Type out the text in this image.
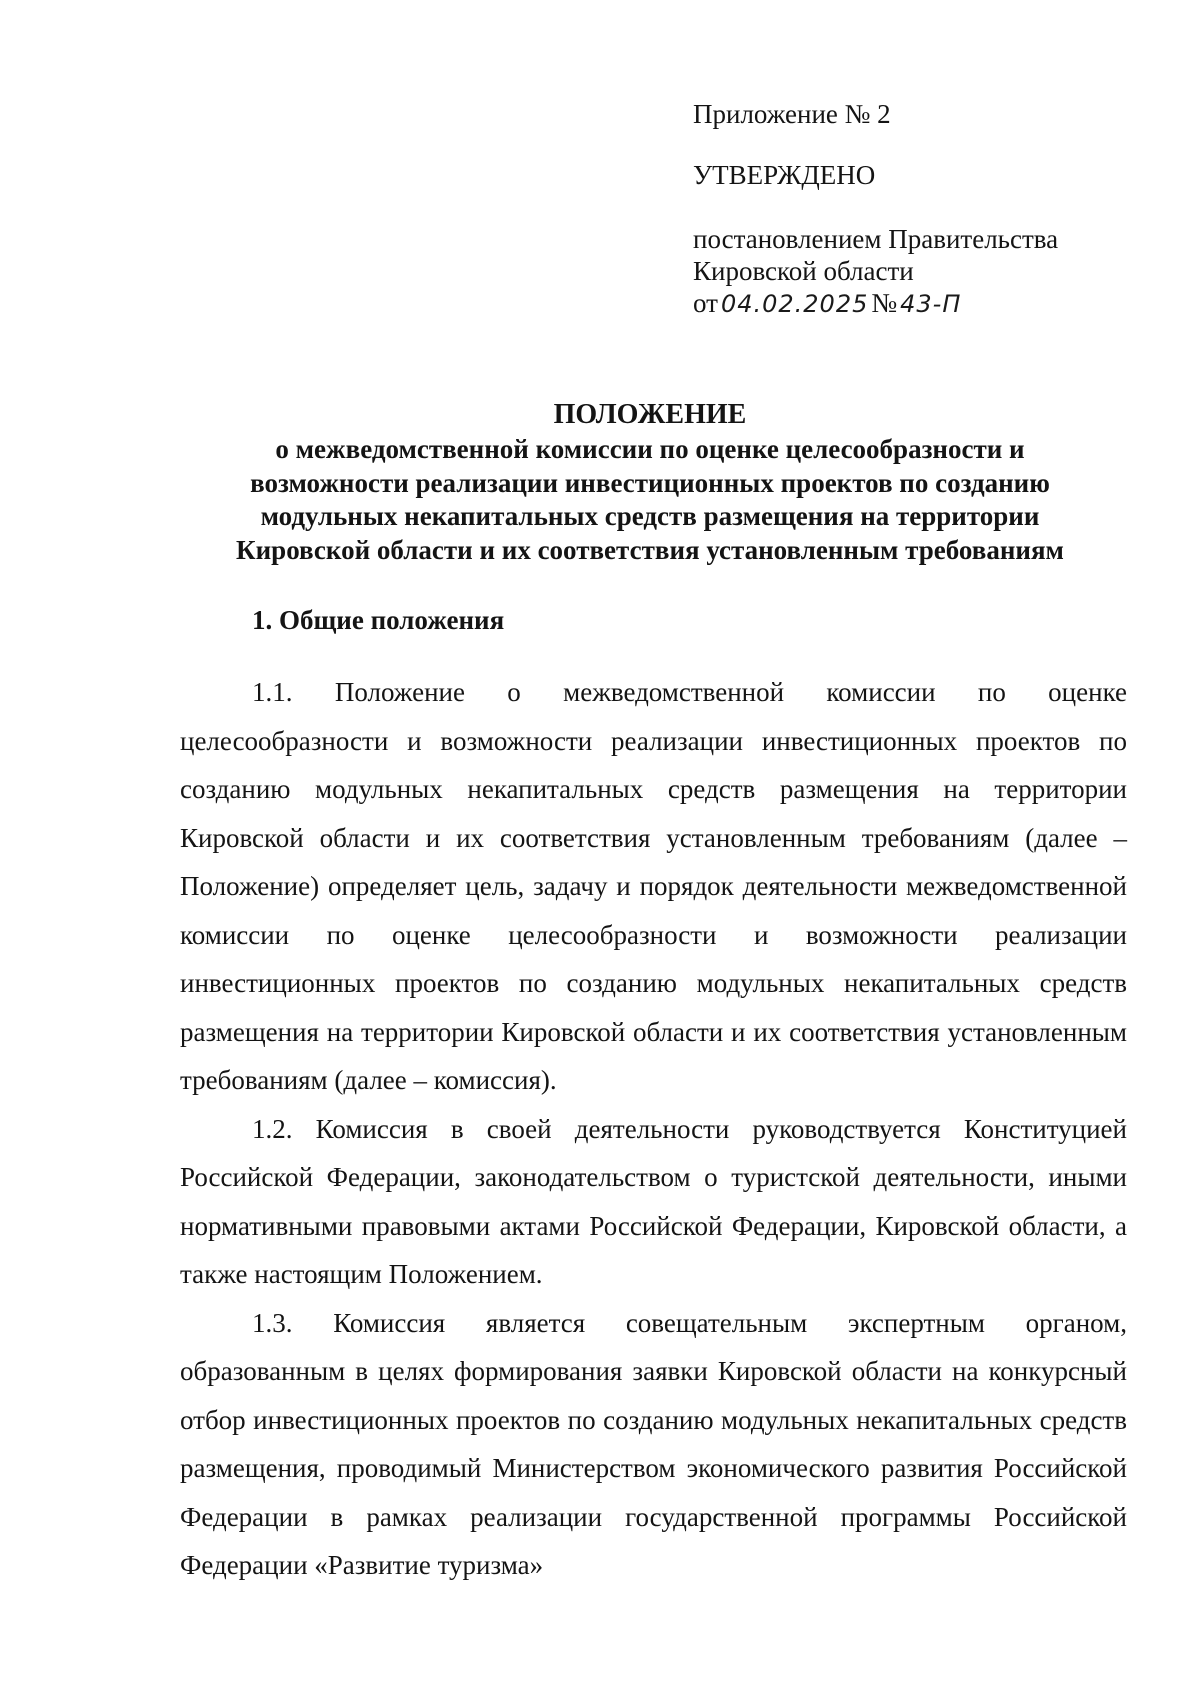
Приложение № 2
УТВЕРЖДЕНО
постановлением Правительства
Кировской области
от 04.02.2025 № 43-П
ПОЛОЖЕНИЕ
о межведомственной комиссии по оценке целесообразности и
возможности реализации инвестиционных проектов по созданию
модульных некапитальных средств размещения на территории
Кировской области и их соответствия установленным требованиям
1. Общие положения

1.1. Положение о межведомственной комиссии по оценке целесообразности и возможности реализации инвестиционных проектов по созданию модульных некапитальных средств размещения на территории Кировской области и их соответствия установленным требованиям (далее – Положение) определяет цель, задачу и порядок деятельности межведомственной комиссии по оценке целесообразности и возможности реализации инвестиционных проектов по созданию модульных некапитальных средств размещения на территории Кировской области и их соответствия установленным требованиям (далее – комиссия).

1.2. Комиссия в своей деятельности руководствуется Конституцией Российской Федерации, законодательством о туристской деятельности, иными нормативными правовыми актами Российской Федерации, Кировской области, а также настоящим Положением.

1.3. Комиссия является совещательным экспертным органом, образованным в целях формирования заявки Кировской области на конкурсный отбор инвестиционных проектов по созданию модульных некапитальных средств размещения, проводимый Министерством экономического развития Российской Федерации в рамках реализации государственной программы Российской Федерации «Развитие туризма»
